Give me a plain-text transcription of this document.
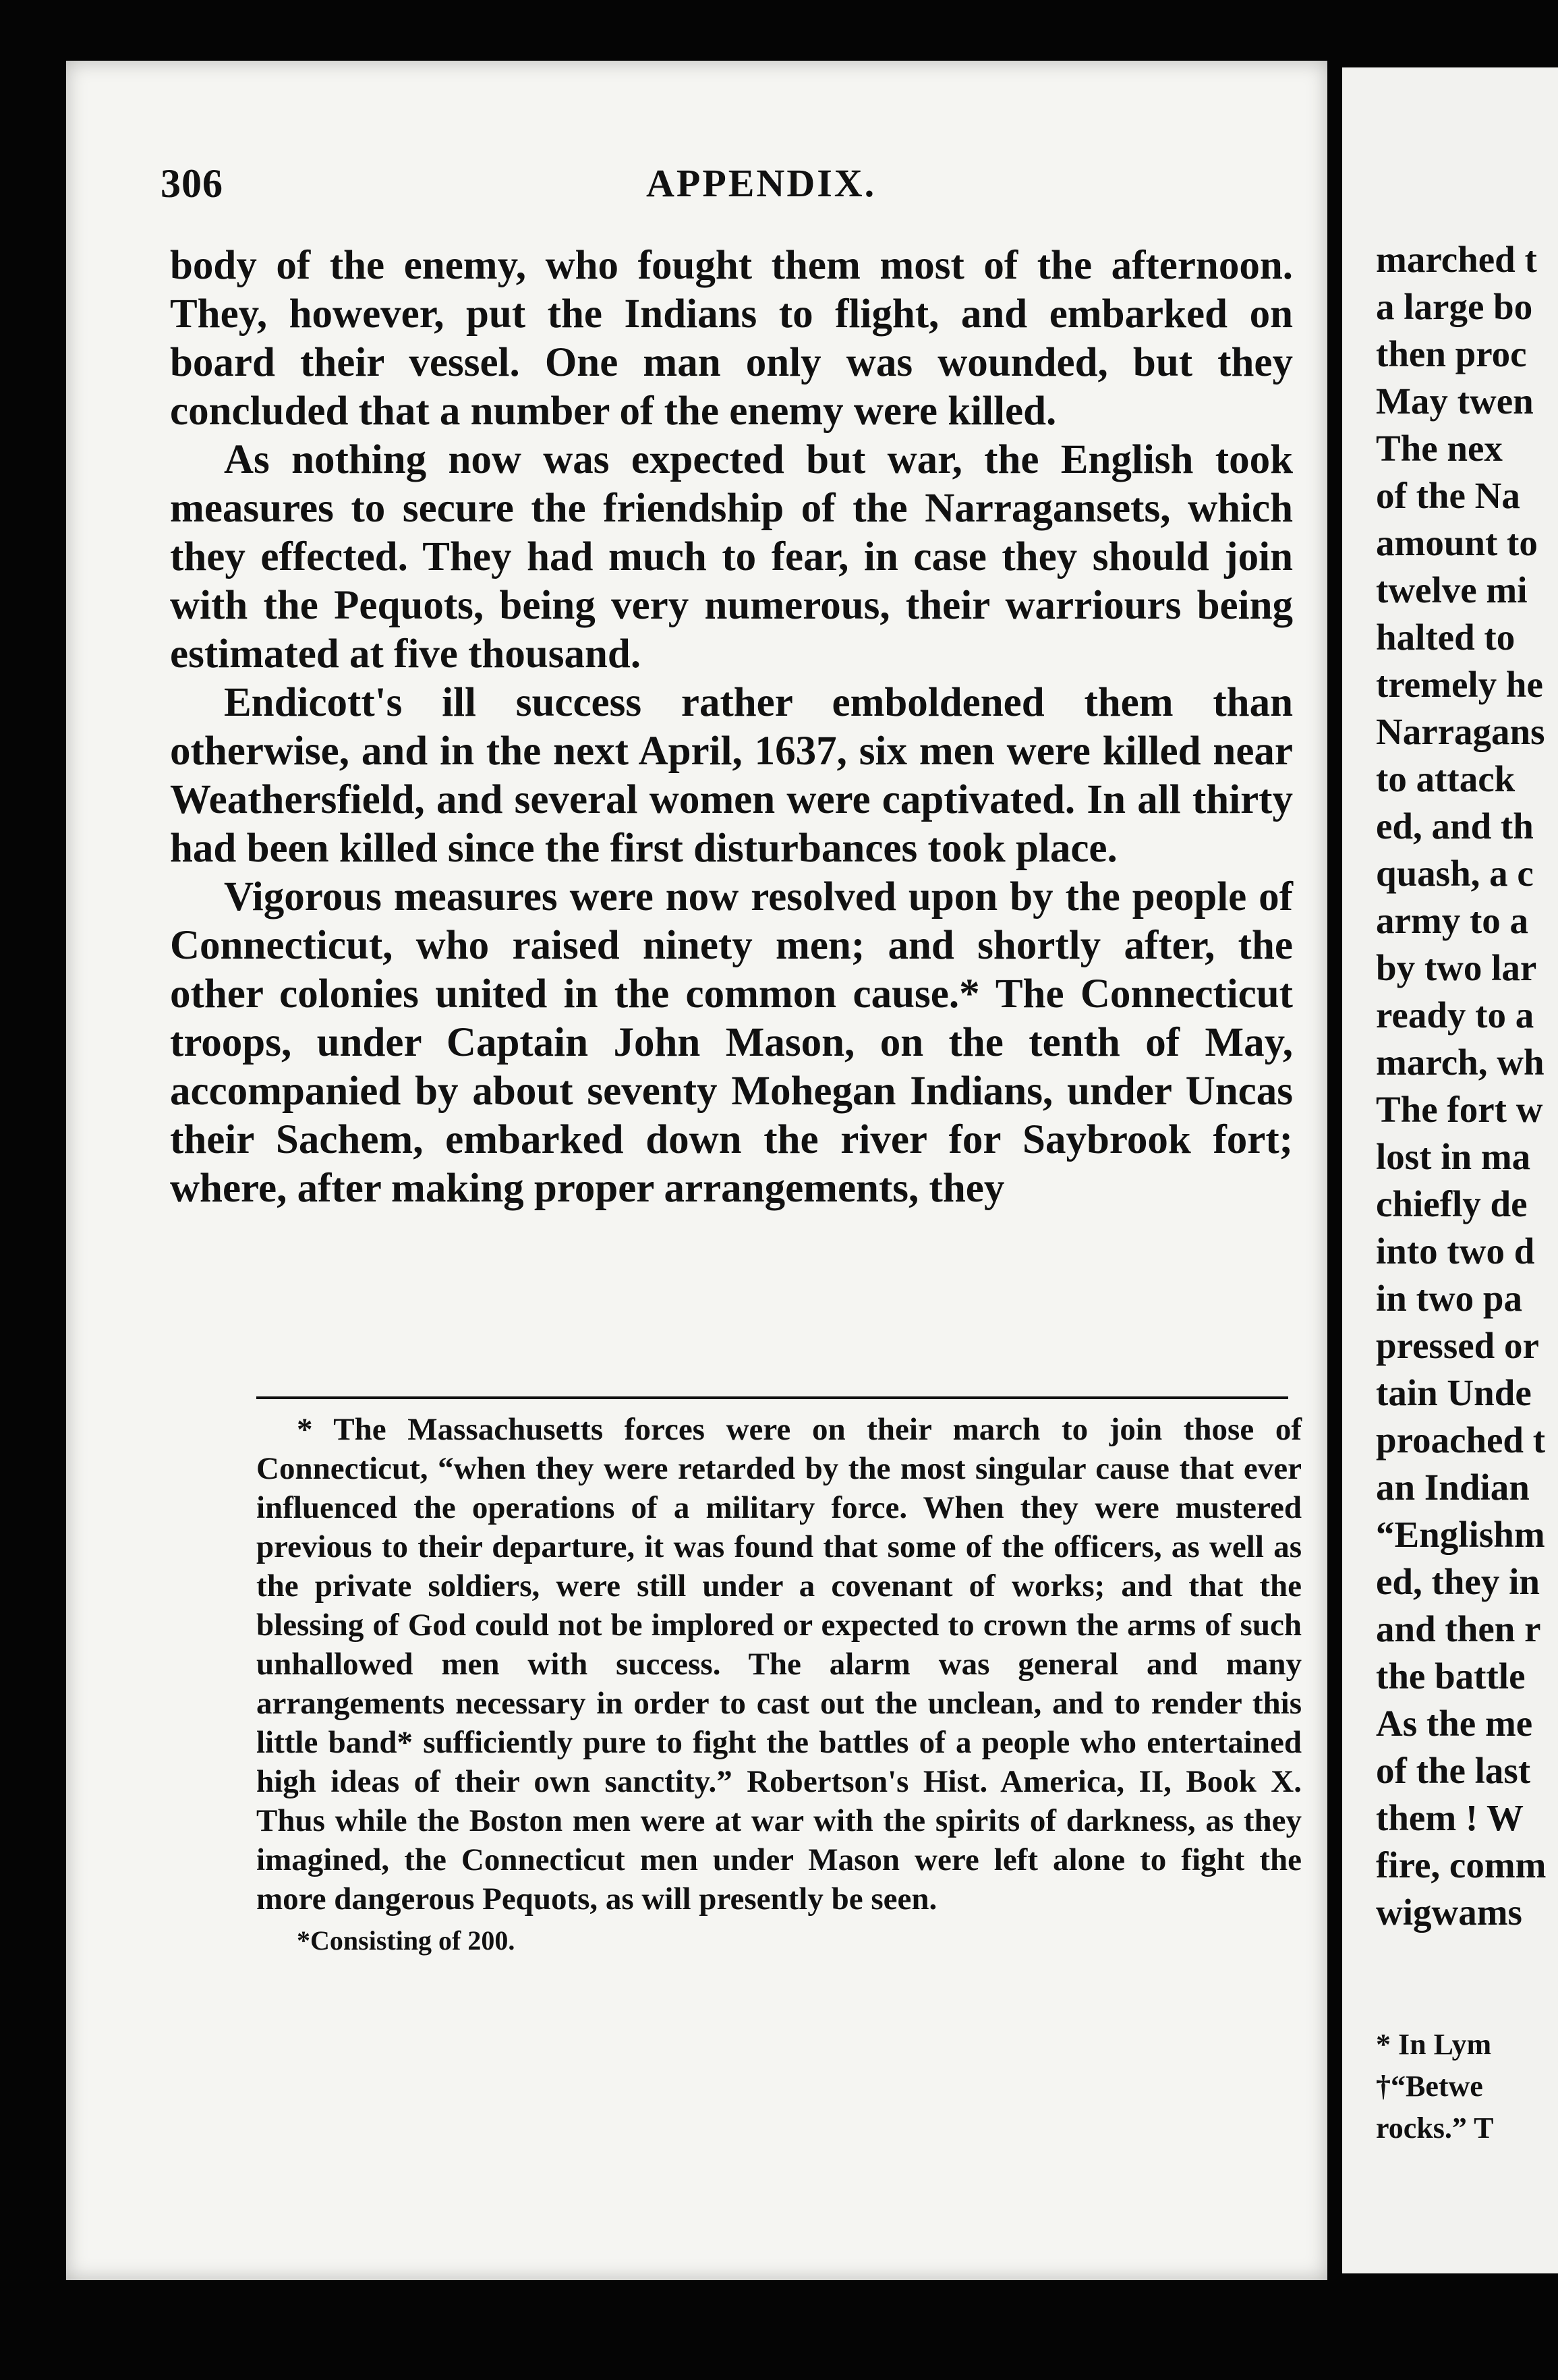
306	APPENDIX.

body of the enemy, who fought them most of the afternoon. They, however, put the Indians to flight, and embarked on board their vessel. One man only was wounded, but they concluded that a number of the enemy were killed.

As nothing now was expected but war, the English took measures to secure the friendship of the Narragansets, which they effected. They had much to fear, in case they should join with the Pequots, being very numerous, their warriours being estimated at five thousand.

Endicott's ill success rather emboldened them than otherwise, and in the next April, 1637, six men were killed near Weathersfield, and several women were captivated. In all thirty had been killed since the first disturbances took place.

Vigorous measures were now resolved upon by the people of Connecticut, who raised ninety men; and shortly after, the other colonies united in the common cause.* The Connecticut troops, under Captain John Mason, on the tenth of May, accompanied by about seventy Mohegan Indians, under Uncas their Sachem, embarked down the river for Saybrook fort; where, after making proper arrangements, they

* The Massachusetts forces were on their march to join those of Connecticut, “when they were retarded by the most singular cause that ever influenced the operations of a military force. When they were mustered previous to their departure, it was found that some of the officers, as well as the private soldiers, were still under a covenant of works; and that the blessing of God could not be implored or expected to crown the arms of such unhallowed men with success. The alarm was general and many arrangements necessary in order to cast out the unclean, and to render this little band* sufficiently pure to fight the battles of a people who entertained high ideas of their own sanctity.” Robertson's Hist. America, II, Book X. Thus while the Boston men were at war with the spirits of darkness, as they imagined, the Connecticut men under Mason were left alone to fight the more dangerous Pequots, as will presently be seen.

*Consisting of 200.

marched t
a large bo
then proc
May twen
The nex
of the Na
amount to
twelve mi
halted to
tremely he
Narragans
to attack
ed, and th
quash, a c
army to a
by two lar
ready to a
march, wh
The fort w
lost in ma
chiefly de
into two d
in two pa
pressed or
tain Unde
proached t
an Indian
“Englishm
ed, they in
and then r
the battle
As the me
of the last
them ! W
fire, comm
wigwams
* In Lym
†“Betwe
rocks.” T
